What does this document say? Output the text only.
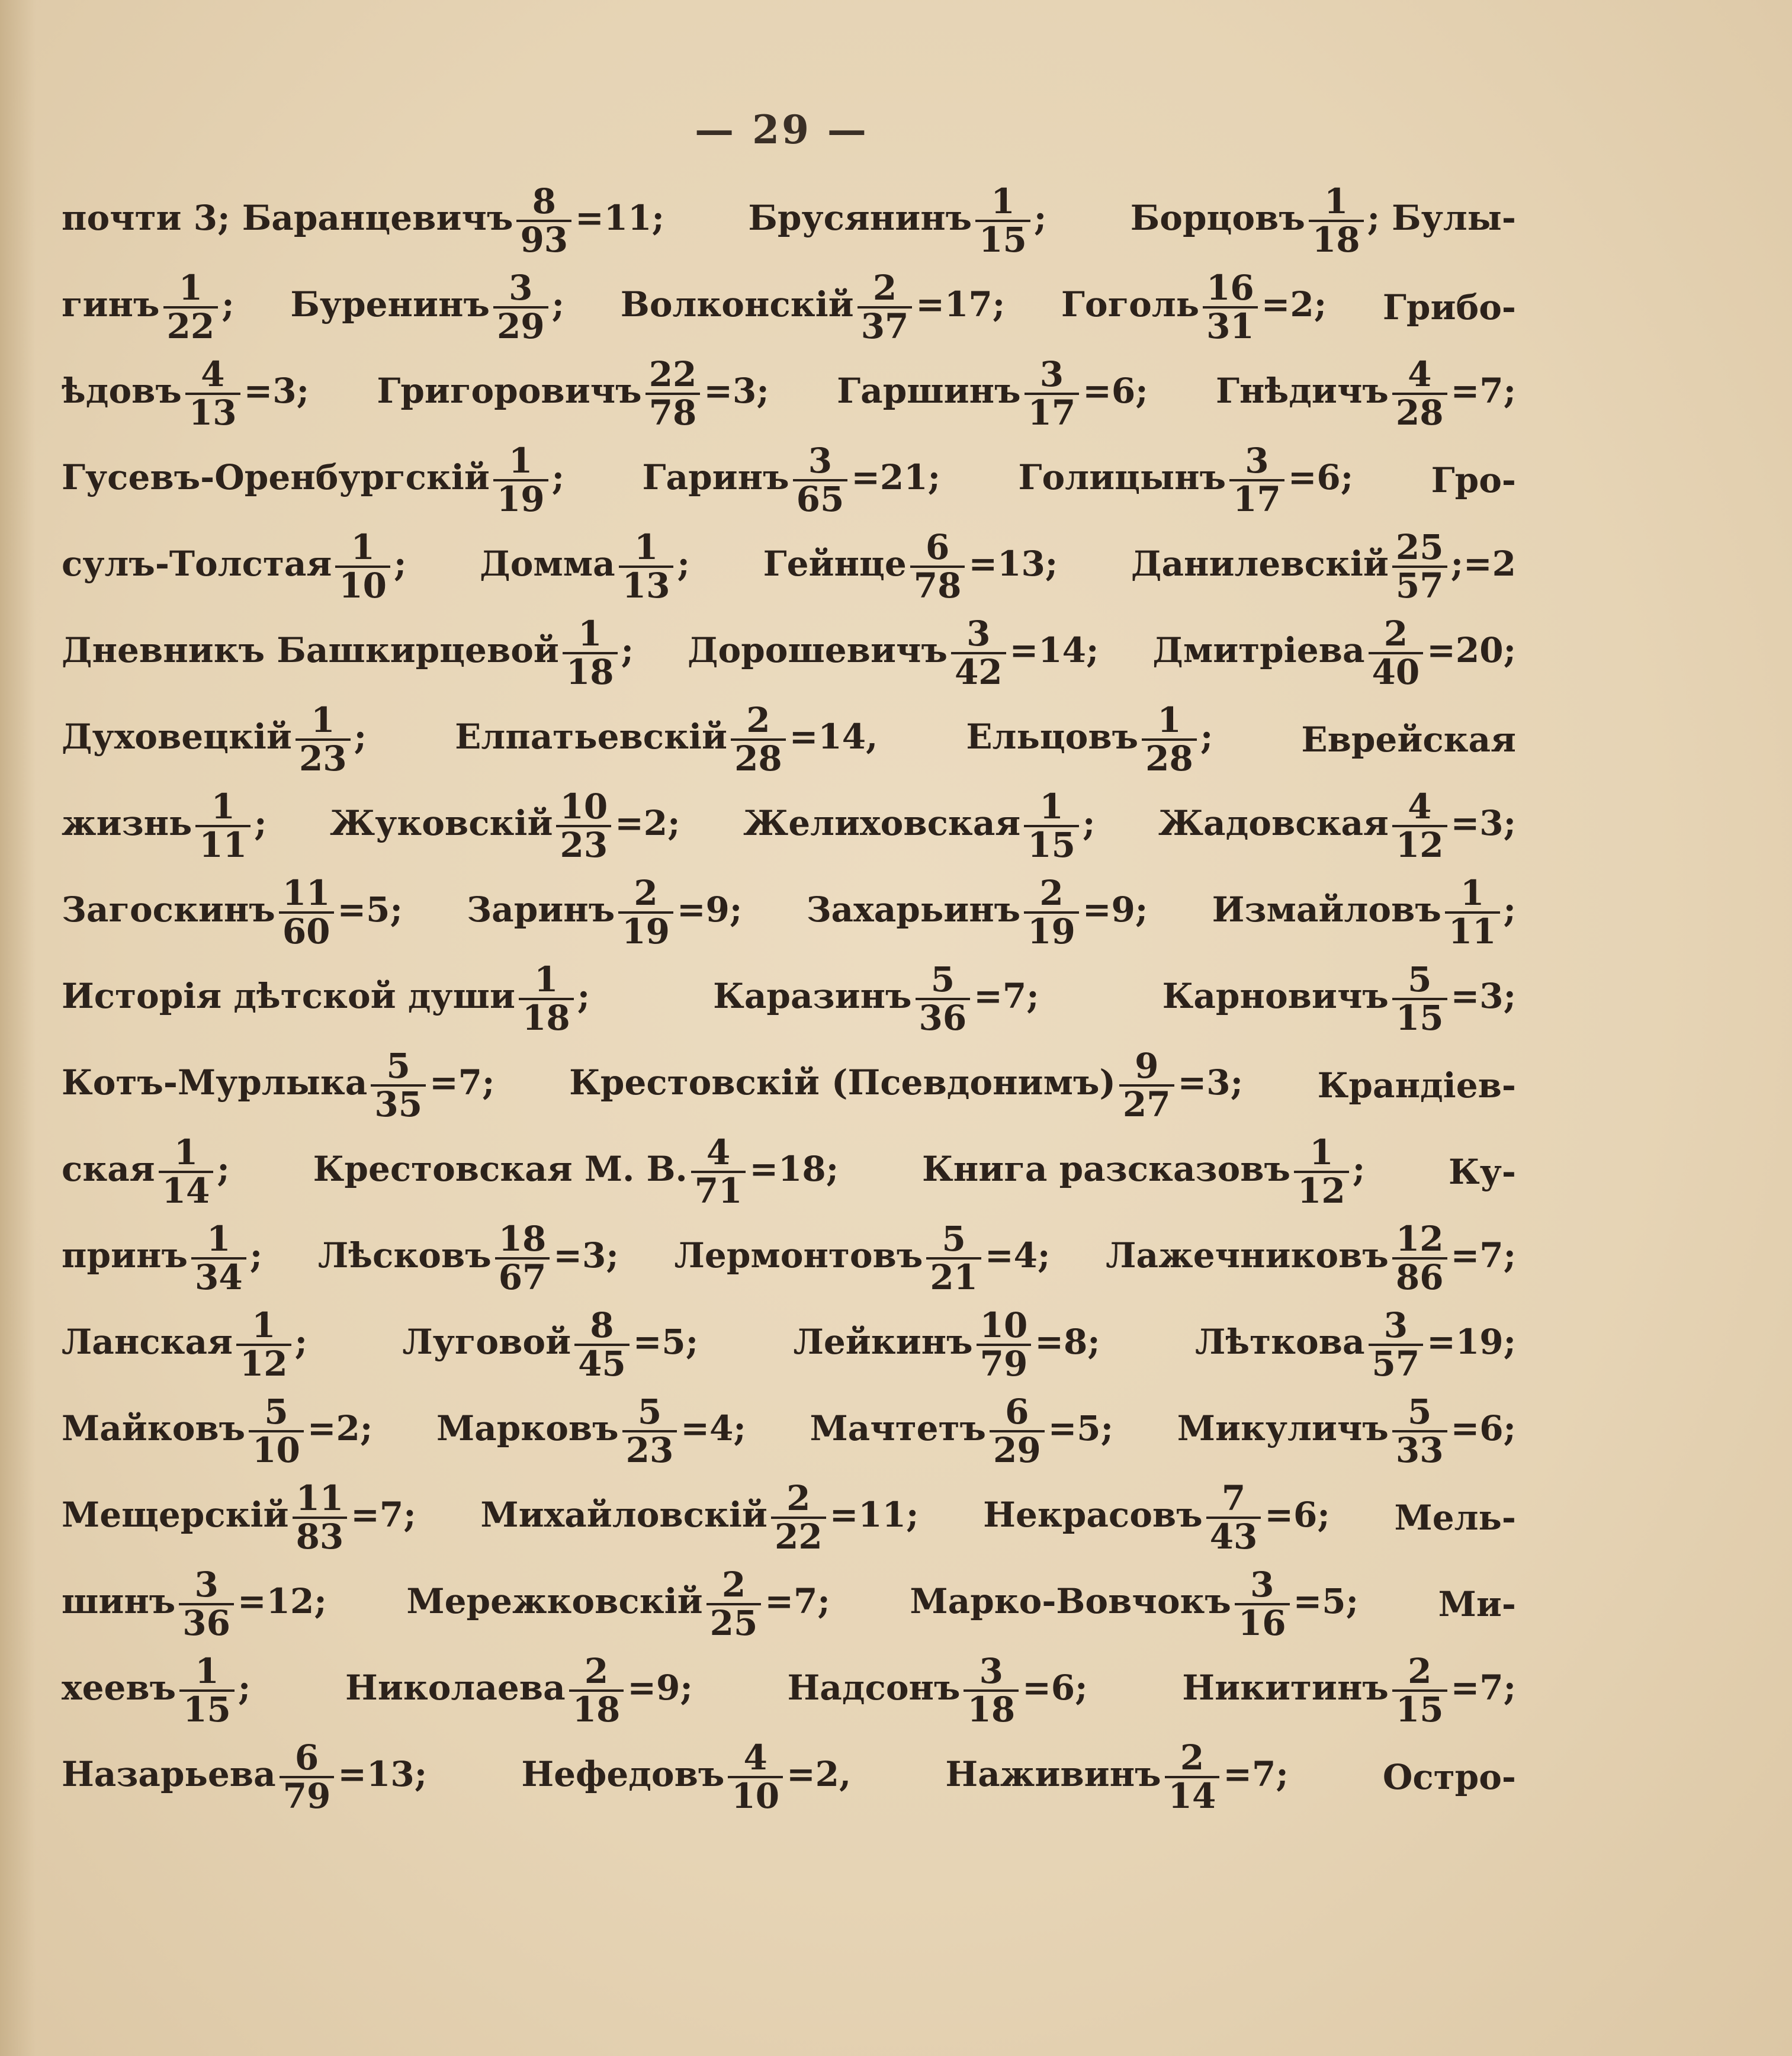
— 29 —
почти 3; Баранцевичъ $\frac{8}{93} =11$; Брусянинъ $\frac{1}{15}$ ; Борцовъ $\frac{1}{18}$ ; Булы-
гинъ $\frac{1}{22}$ ; Буренинъ $\frac{3}{29}$ ; Волконскій $\frac{2}{37} =17$; Гоголь $\frac{16}{31} =2$; Грибо-
ѣдовъ $\frac{4}{13} =3$; Григоровичъ $\frac{22}{78} =3$; Гаршинъ $\frac{3}{17} =6$; Гнѣдичъ $\frac{4}{28} =7$;
Гусевъ-Оренбургскій $\frac{1}{19}$ ; Гаринъ $\frac{3}{65} =21$; Голицынъ $\frac{3}{17} =6$; Гро-
сулъ-Толстая $\frac{1}{10}$ ; Домма $\frac{1}{13}$ ; Гейнце $\frac{6}{78} =13$; Данилевскій $\frac{25}{57}$ ;=2
Дневникъ Башкирцевой $\frac{1}{18}$ ; Дорошевичъ $\frac{3}{42} =14$; Дмитріева $\frac{2}{40} =20$;
Духовецкій $\frac{1}{23}$ ;	Елпатьевскій $\frac{2}{28} =14$,	Ельцовъ $\frac{1}{28}$ ;	Еврейская
жизнь $\frac{1}{11}$ ; Жуковскій $\frac{10}{23} =2$; Желиховская $\frac{1}{15}$ ; Жадовская $\frac{4}{12} =3$;
Загоскинъ $\frac{11}{60} =5$; Заринъ $\frac{2}{19} =9$; Захарьинъ $\frac{2}{19} =9$; Измайловъ $\frac{1}{11}$ ;
Исторія дѣтской души $\frac{1}{18}$ ;	Каразинъ $\frac{5}{36} =7$;	Карновичъ $\frac{5}{15} =3$;
Котъ-Мурлыка $\frac{5}{35} =7$; Крестовскій (Псевдонимъ) $\frac{9}{27} =3$; Крандіев-
ская $\frac{1}{14}$ ; Крестовская М. В. $\frac{4}{71} =18$; Книга разсказовъ $\frac{1}{12}$ ; Ку-
принъ $\frac{1}{34}$ ; Лѣсковъ $\frac{18}{67} =3$; Лермонтовъ $\frac{5}{21} =4$; Лажечниковъ $\frac{12}{86} =7$;
Ланская $\frac{1}{12}$ ;	Луговой $\frac{8}{45} =5$;	Лейкинъ $\frac{10}{79} =8$;	Лѣткова $\frac{3}{57} =19$;
Майковъ $\frac{5}{10} =2$; Марковъ $\frac{5}{23} =4$; Мачтетъ $\frac{6}{29} =5$; Микуличъ $\frac{5}{33} =6$;
Мещерскій $\frac{11}{83} =7$; Михайловскій $\frac{2}{22} =11$; Некрасовъ $\frac{7}{43} =6$; Мель-
шинъ $\frac{3}{36} =12$; Мережковскій $\frac{2}{25} =7$; Марко-Вовчокъ $\frac{3}{16} =5$; Ми-
хеевъ $\frac{1}{15}$ ;	Николаева $\frac{2}{18} =9$;	Надсонъ $\frac{3}{18} =6$;	Никитинъ $\frac{2}{15} =7$;
Назарьева $\frac{6}{79} =13$;	Нефедовъ $\frac{4}{10} =2$,	Наживинъ $\frac{2}{14} =7$;	Остро-
